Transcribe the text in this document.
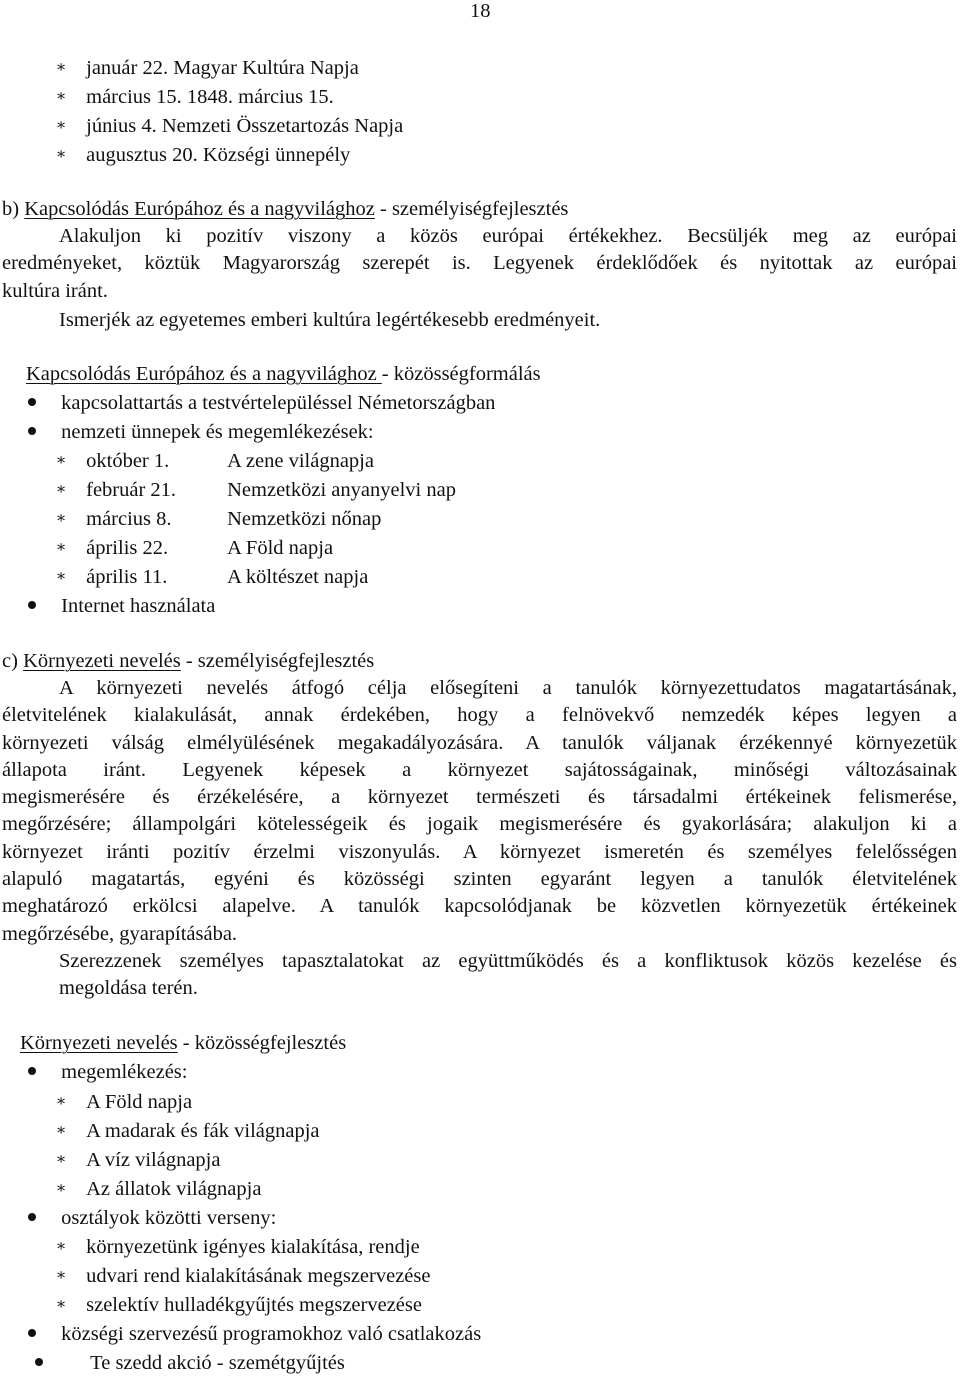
18
∗ január 22. Magyar Kultúra Napja
∗ március 15. 1848. március 15.
∗ június 4. Nemzeti Összetartozás Napja
∗ augusztus 20. Községi ünnepély
b) Kapcsolódás Európához és a nagyvilághoz - személyiségfejlesztés
Alakuljon ki pozitív viszony a közös európai értékekhez. Becsüljék meg az európai
eredményeket, köztük Magyarország szerepét is. Legyenek érdeklődőek és nyitottak az európai
kultúra iránt.
Ismerjék az egyetemes emberi kultúra legértékesebb eredményeit.
Kapcsolódás Európához és a nagyvilághoz - közösségformálás
kapcsolattartás a testvértelepüléssel Németországban
nemzeti ünnepek és megemlékezések:
∗ október 1.	A zene világnapja
∗ február 21. Nemzetközi anyanyelvi nap
∗ március 8.	Nemzetközi nőnap
∗ április 22.	A Föld napja
∗ április 11.	A költészet napja
Internet használata
c) Környezeti nevelés - személyiségfejlesztés
A környezeti nevelés átfogó célja elősegíteni a tanulók környezettudatos magatartásának,
életvitelének kialakulását, annak érdekében, hogy a felnövekvő nemzedék képes legyen a
környezeti válság elmélyülésének megakadályozására. A tanulók váljanak érzékennyé környezetük
állapota iránt. Legyenek képesek a környezet sajátosságainak, minőségi változásainak
megismerésére és érzékelésére, a környezet természeti és társadalmi értékeinek felismerése,
megőrzésére; állampolgári kötelességeik és jogaik megismerésére és gyakorlására; alakuljon ki a
környezet iránti pozitív érzelmi viszonyulás. A környezet ismeretén és személyes felelősségen
alapuló magatartás, egyéni és közösségi szinten egyaránt legyen a tanulók életvitelének
meghatározó erkölcsi alapelve. A tanulók kapcsolódjanak be közvetlen környezetük értékeinek
megőrzésébe, gyarapításába.
Szerezzenek személyes tapasztalatokat az együttműködés és a konfliktusok közös kezelése és
megoldása terén.
Környezeti nevelés - közösségfejlesztés
megemlékezés:
∗ A Föld napja
∗ A madarak és fák világnapja
∗ A víz világnapja
∗ Az állatok világnapja
osztályok közötti verseny:
∗ környezetünk igényes kialakítása, rendje
∗ udvari rend kialakításának megszervezése
∗ szelektív hulladékgyűjtés megszervezése
községi szervezésű programokhoz való csatlakozás
Te szedd akció - szemétgyűjtés
